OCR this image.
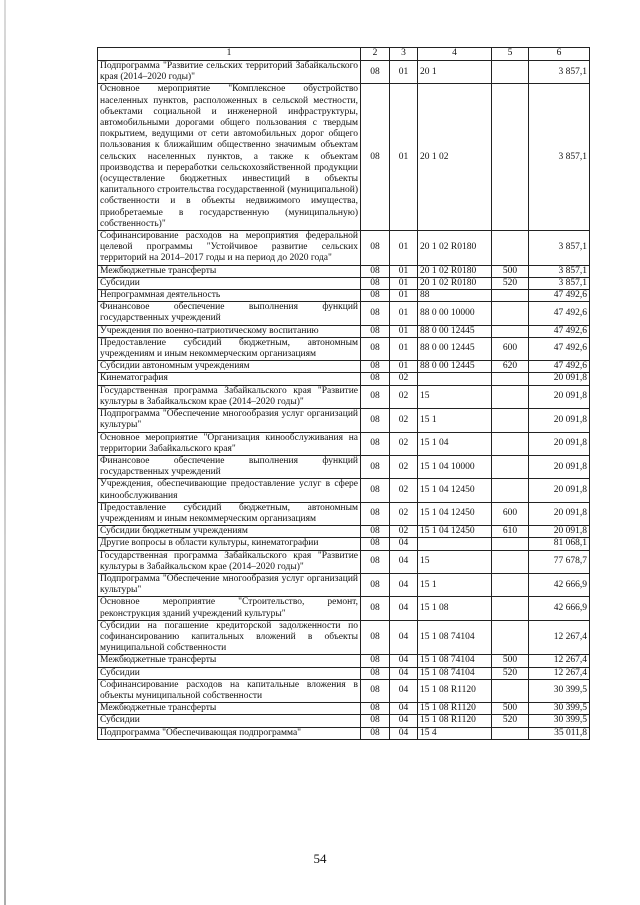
1	2	3	4	5	6
Подпрограмма "Развитие сельских территорий Забайкальского края (2014–2020 годы)"	08	01	20 1		3 857,1
Основное мероприятие "Комплексное обустройство населенных пунктов, расположенных в сельской местности, объектами социальной и инженерной инфраструктуры, автомобильными дорогами общего пользования с твердым покрытием, ведущими от сети автомобильных дорог общего пользования к ближайшим общественно значимым объектам сельских населенных пунктов, а также к объектам производства и переработки сельскохозяйственной продукции (осуществление бюджетных инвестиций в объекты капитального строительства государственной (муниципальной) собственности и в объекты недвижимого имущества, приобретаемые в государственную (муниципальную) собственность)"	08	01	20 1 02		3 857,1
Софинансирование расходов на мероприятия федеральной целевой программы "Устойчивое развитие сельских территорий на 2014–2017 годы и на период до 2020 года"	08	01	20 1 02 R0180		3 857,1
Межбюджетные трансферты	08	01	20 1 02 R0180	500	3 857,1
Субсидии	08	01	20 1 02 R0180	520	3 857,1
Непрограммная деятельность	08	01	88		47 492,6
Финансовое обеспечение выполнения функций государственных учреждений	08	01	88 0 00 10000		47 492,6
Учреждения по военно-патриотическому воспитанию	08	01	88 0 00 12445		47 492,6
Предоставление субсидий бюджетным, автономным учреждениям и иным некоммерческим организациям	08	01	88 0 00 12445	600	47 492,6
Субсидии автономным учреждениям	08	01	88 0 00 12445	620	47 492,6
Кинематография	08	02			20 091,8
Государственная программа Забайкальского края "Развитие культуры в Забайкальском крае (2014–2020 годы)"	08	02	15		20 091,8
Подпрограмма "Обеспечение многообразия услуг организаций культуры"	08	02	15 1		20 091,8
Основное мероприятие "Организация кинообслуживания на территории Забайкальского края"	08	02	15 1 04		20 091,8
Финансовое обеспечение выполнения функций государственных учреждений	08	02	15 1 04 10000		20 091,8
Учреждения, обеспечивающие предоставление услуг в сфере кинообслуживания	08	02	15 1 04 12450		20 091,8
Предоставление субсидий бюджетным, автономным учреждениям и иным некоммерческим организациям	08	02	15 1 04 12450	600	20 091,8
Субсидии бюджетным учреждениям	08	02	15 1 04 12450	610	20 091,8
Другие вопросы в области культуры, кинематографии	08	04			81 068,1
Государственная программа Забайкальского края "Развитие культуры в Забайкальском крае (2014–2020 годы)"	08	04	15		77 678,7
Подпрограмма "Обеспечение многообразия услуг организаций культуры"	08	04	15 1		42 666,9
Основное мероприятие "Строительство, ремонт, реконструкция зданий учреждений культуры"	08	04	15 1 08		42 666,9
Субсидии на погашение кредиторской задолженности по софинансированию капитальных вложений в объекты муниципальной собственности	08	04	15 1 08 74104		12 267,4
Межбюджетные трансферты	08	04	15 1 08 74104	500	12 267,4
Субсидии	08	04	15 1 08 74104	520	12 267,4
Софинансирование расходов на капитальные вложения в объекты муниципальной собственности	08	04	15 1 08 R1120		30 399,5
Межбюджетные трансферты	08	04	15 1 08 R1120	500	30 399,5
Субсидии	08	04	15 1 08 R1120	520	30 399,5
Подпрограмма "Обеспечивающая подпрограмма"	08	04	15 4		35 011,8
54
